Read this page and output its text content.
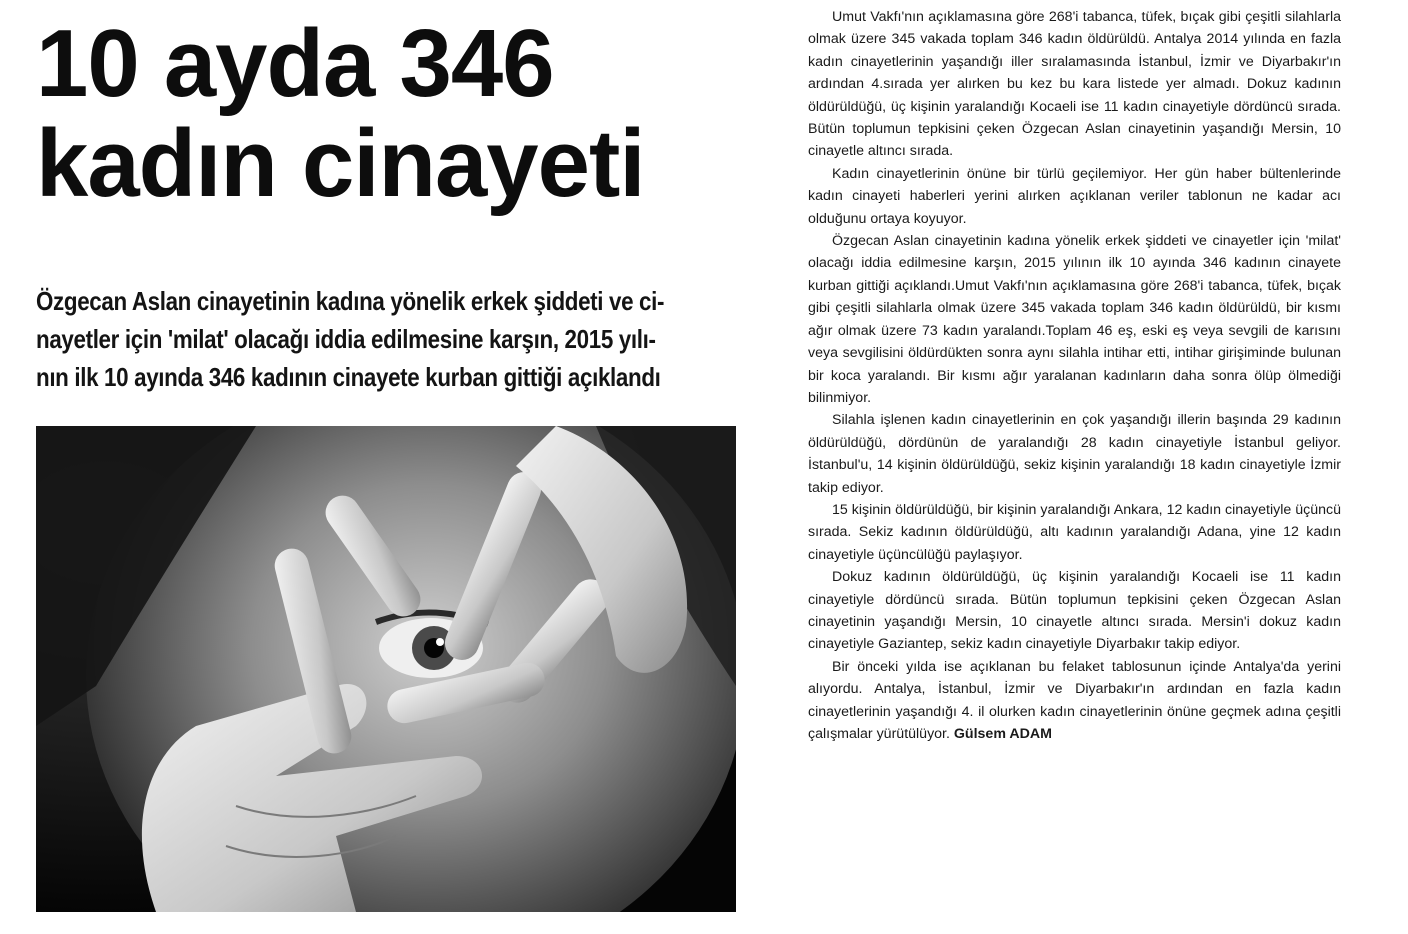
10 ayda 346
kadın cinayeti

Özgecan Aslan cinayetinin kadına yönelik erkek şiddeti ve ci-
nayetler için 'milat' olacağı iddia edilmesine karşın, 2015 yılı-
nın ilk 10 ayında 346 kadının cinayete kurban gittiği açıklandı

Umut Vakfı'nın açıklamasına göre 268'i tabanca, tüfek, bıçak gibi çeşitli silahlarla olmak üzere 345 vakada toplam 346 kadın öldürüldü. Antalya 2014 yılında en fazla kadın cinayetlerinin yaşandığı iller sıralamasında İstanbul, İzmir ve Diyarbakır'ın ardından 4.sırada yer alırken bu kez bu kara listede yer almadı. Dokuz kadının öldürüldüğü, üç kişinin yaralandığı Kocaeli ise 11 kadın cinayetiyle dördüncü sırada. Bütün toplumun tepkisini çeken Özgecan Aslan cinayetinin yaşandığı Mersin, 10 cinayetle altıncı sırada.

Kadın cinayetlerinin önüne bir türlü geçilemiyor. Her gün haber bültenlerinde kadın cinayeti haberleri yerini alırken açıklanan veriler tablonun ne kadar acı olduğunu ortaya koyuyor.

Özgecan Aslan cinayetinin kadına yönelik erkek şiddeti ve cinayetler için 'milat' olacağı iddia edilmesine karşın, 2015 yılının ilk 10 ayında 346 kadının cinayete kurban gittiği açıklandı.Umut Vakfı'nın açıklamasına göre 268'i tabanca, tüfek, bıçak gibi çeşitli silahlarla olmak üzere 345 vakada toplam 346 kadın öldürüldü, bir kısmı ağır olmak üzere 73 kadın yaralandı.Toplam 46 eş, eski eş veya sevgili de karısını veya sevgilisini öldürdükten sonra aynı silahla intihar etti, intihar girişiminde bulunan bir koca yaralandı. Bir kısmı ağır yaralanan kadınların daha sonra ölüp ölmediği bilinmiyor.

Silahla işlenen kadın cinayetlerinin en çok yaşandığı illerin başında 29 kadının öldürüldüğü, dördünün de yaralandığı 28 kadın cinayetiyle İstanbul geliyor. İstanbul'u, 14 kişinin öldürüldüğü, sekiz kişinin yaralandığı 18 kadın cinayetiyle İzmir takip ediyor.

15 kişinin öldürüldüğü, bir kişinin yaralandığı Ankara, 12 kadın cinayetiyle üçüncü sırada. Sekiz kadının öldürüldüğü, altı kadının yaralandığı Adana, yine 12 kadın cinayetiyle üçüncülüğü paylaşıyor.

Dokuz kadının öldürüldüğü, üç kişinin yaralandığı Kocaeli ise 11 kadın cinayetiyle dördüncü sırada. Bütün toplumun tepkisini çeken Özgecan Aslan cinayetinin yaşandığı Mersin, 10 cinayetle altıncı sırada. Mersin'i dokuz kadın cinayetiyle Gaziantep, sekiz kadın cinayetiyle Diyarbakır takip ediyor.

Bir önceki yılda ise açıklanan bu felaket tablosunun içinde Antalya'da yerini alıyordu. Antalya, İstanbul, İzmir ve Diyarbakır'ın ardından en fazla kadın cinayetlerinin yaşandığı 4. il olurken kadın cinayetlerinin önüne geçmek adına çeşitli çalışmalar yürütülüyor. Gülsem ADAM
